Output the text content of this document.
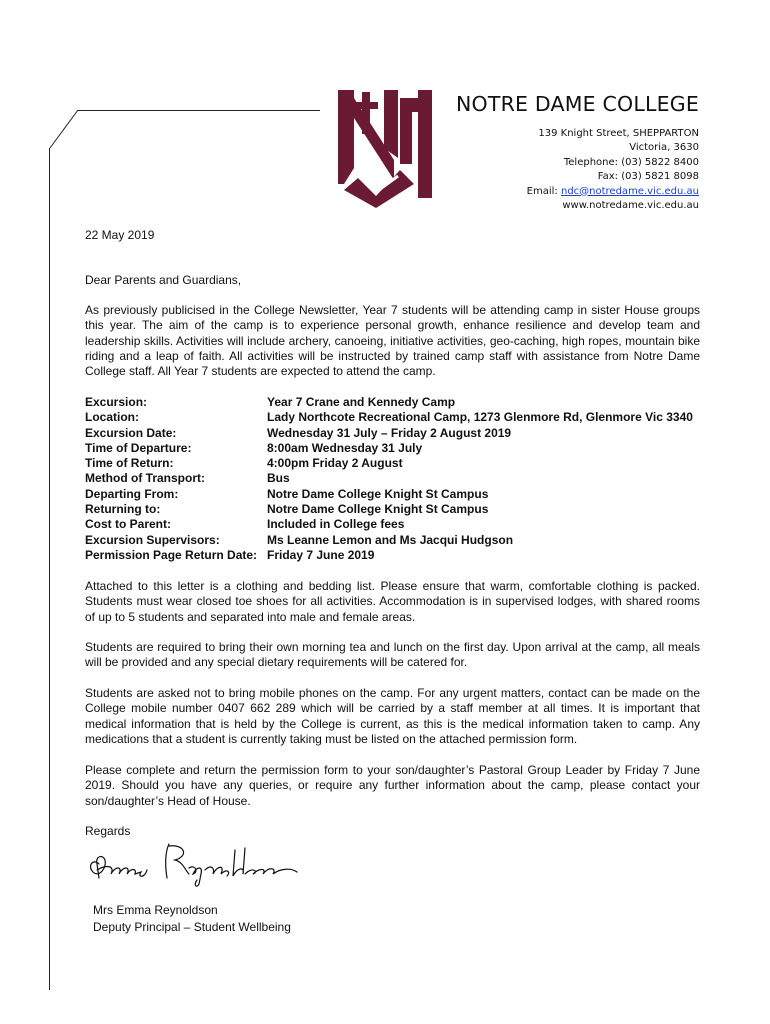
NOTRE DAME COLLEGE
139 Knight Street, SHEPPARTON
Victoria, 3630
Telephone: (03) 5822 8400
Fax: (03) 5821 8098
Email: ndc@notredame.vic.edu.au
www.notredame.vic.edu.au

22 May 2019

Dear Parents and Guardians,

As previously publicised in the College Newsletter, Year 7 students will be attending camp in sister House groups this year. The aim of the camp is to experience personal growth, enhance resilience and develop team and leadership skills. Activities will include archery, canoeing, initiative activities, geo-caching, high ropes, mountain bike riding and a leap of faith. All activities will be instructed by trained camp staff with assistance from Notre Dame College staff. All Year 7 students are expected to attend the camp.

Excursion:	Year 7 Crane and Kennedy Camp
Location:	Lady Northcote Recreational Camp, 1273 Glenmore Rd, Glenmore Vic 3340
Excursion Date:	Wednesday 31 July – Friday 2 August 2019
Time of Departure:	8:00am Wednesday 31 July
Time of Return:	4:00pm Friday 2 August
Method of Transport:	Bus
Departing From:	Notre Dame College Knight St Campus
Returning to:	Notre Dame College Knight St Campus
Cost to Parent:	Included in College fees
Excursion Supervisors:	Ms Leanne Lemon and Ms Jacqui Hudgson
Permission Page Return Date: Friday 7 June 2019

Attached to this letter is a clothing and bedding list. Please ensure that warm, comfortable clothing is packed. Students must wear closed toe shoes for all activities. Accommodation is in supervised lodges, with shared rooms of up to 5 students and separated into male and female areas.

Students are required to bring their own morning tea and lunch on the first day. Upon arrival at the camp, all meals will be provided and any special dietary requirements will be catered for.

Students are asked not to bring mobile phones on the camp. For any urgent matters, contact can be made on the College mobile number 0407 662 289 which will be carried by a staff member at all times. It is important that medical information that is held by the College is current, as this is the medical information taken to camp. Any medications that a student is currently taking must be listed on the attached permission form.

Please complete and return the permission form to your son/daughter’s Pastoral Group Leader by Friday 7 June 2019. Should you have any queries, or require any further information about the camp, please contact your son/daughter’s Head of House.

Regards

Mrs Emma Reynoldson
Deputy Principal – Student Wellbeing
